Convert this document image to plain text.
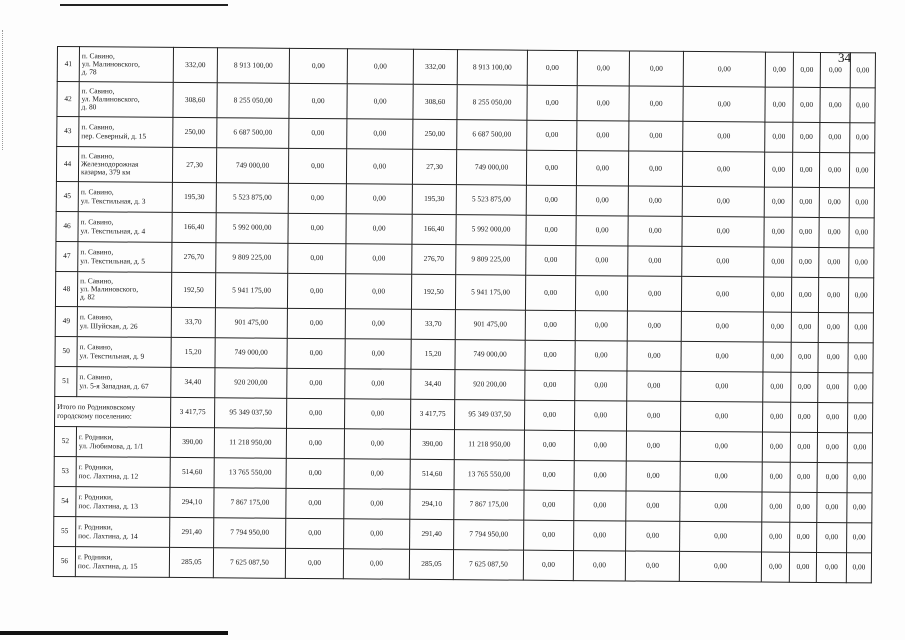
34
41	п. Савино,
ул. Малиновского,
д. 78	332,00	8 913 100,00	0,00	0,00	332,00	8 913 100,00	0,00	0,00	0,00	0,00	0,00	0,00	0,00	0,00
42	п. Савино,
ул. Малиновского,
д. 80	308,60	8 255 050,00	0,00	0,00	308,60	8 255 050,00	0,00	0,00	0,00	0,00	0,00	0,00	0,00	0,00
43	п. Савино,
пер. Северный, д. 15	250,00	6 687 500,00	0,00	0,00	250,00	6 687 500,00	0,00	0,00	0,00	0,00	0,00	0,00	0,00	0,00
44	п. Савино,
Железнодорожная
казарма, 379 км	27,30	749 000,00	0,00	0,00	27,30	749 000,00	0,00	0,00	0,00	0,00	0,00	0,00	0,00	0,00
45	п. Савино,
ул. Текстильная, д. 3	195,30	5 523 875,00	0,00	0,00	195,30	5 523 875,00	0,00	0,00	0,00	0,00	0,00	0,00	0,00	0,00
46	п. Савино,
ул. Текстильная, д. 4	166,40	5 992 000,00	0,00	0,00	166,40	5 992 000,00	0,00	0,00	0,00	0,00	0,00	0,00	0,00	0,00
47	п. Савино,
ул. Текстильная, д. 5	276,70	9 809 225,00	0,00	0,00	276,70	9 809 225,00	0,00	0,00	0,00	0,00	0,00	0,00	0,00	0,00
48	п. Савино,
ул. Малиновского,
д. 82	192,50	5 941 175,00	0,00	0,00	192,50	5 941 175,00	0,00	0,00	0,00	0,00	0,00	0,00	0,00	0,00
49	п. Савино,
ул. Шуйская, д. 26	33,70	901 475,00	0,00	0,00	33,70	901 475,00	0,00	0,00	0,00	0,00	0,00	0,00	0,00	0,00
50	п. Савино,
ул. Текстильная, д. 9	15,20	749 000,00	0,00	0,00	15,20	749 000,00	0,00	0,00	0,00	0,00	0,00	0,00	0,00	0,00
51	п. Савино,
ул. 5-я Западная, д. 67	34,40	920 200,00	0,00	0,00	34,40	920 200,00	0,00	0,00	0,00	0,00	0,00	0,00	0,00	0,00
Итого по Родниковскому городскому поселению:		3 417,75	95 349 037,50	0,00	0,00	3 417,75	95 349 037,50	0,00	0,00	0,00	0,00	0,00	0,00	0,00	0,00
52	г. Родники,
ул. Любимова, д. 1/1	390,00	11 218 950,00	0,00	0,00	390,00	11 218 950,00	0,00	0,00	0,00	0,00	0,00	0,00	0,00	0,00
53	г. Родники,
пос. Лахтина, д. 12	514,60	13 765 550,00	0,00	0,00	514,60	13 765 550,00	0,00	0,00	0,00	0,00	0,00	0,00	0,00	0,00
54	г. Родники,
пос. Лахтина, д. 13	294,10	7 867 175,00	0,00	0,00	294,10	7 867 175,00	0,00	0,00	0,00	0,00	0,00	0,00	0,00	0,00
55	г. Родники,
пос. Лахтина, д. 14	291,40	7 794 950,00	0,00	0,00	291,40	7 794 950,00	0,00	0,00	0,00	0,00	0,00	0,00	0,00	0,00
56	г. Родники,
пос. Лахтина, д. 15	285,05	7 625 087,50	0,00	0,00	285,05	7 625 087,50	0,00	0,00	0,00	0,00	0,00	0,00	0,00	0,00
